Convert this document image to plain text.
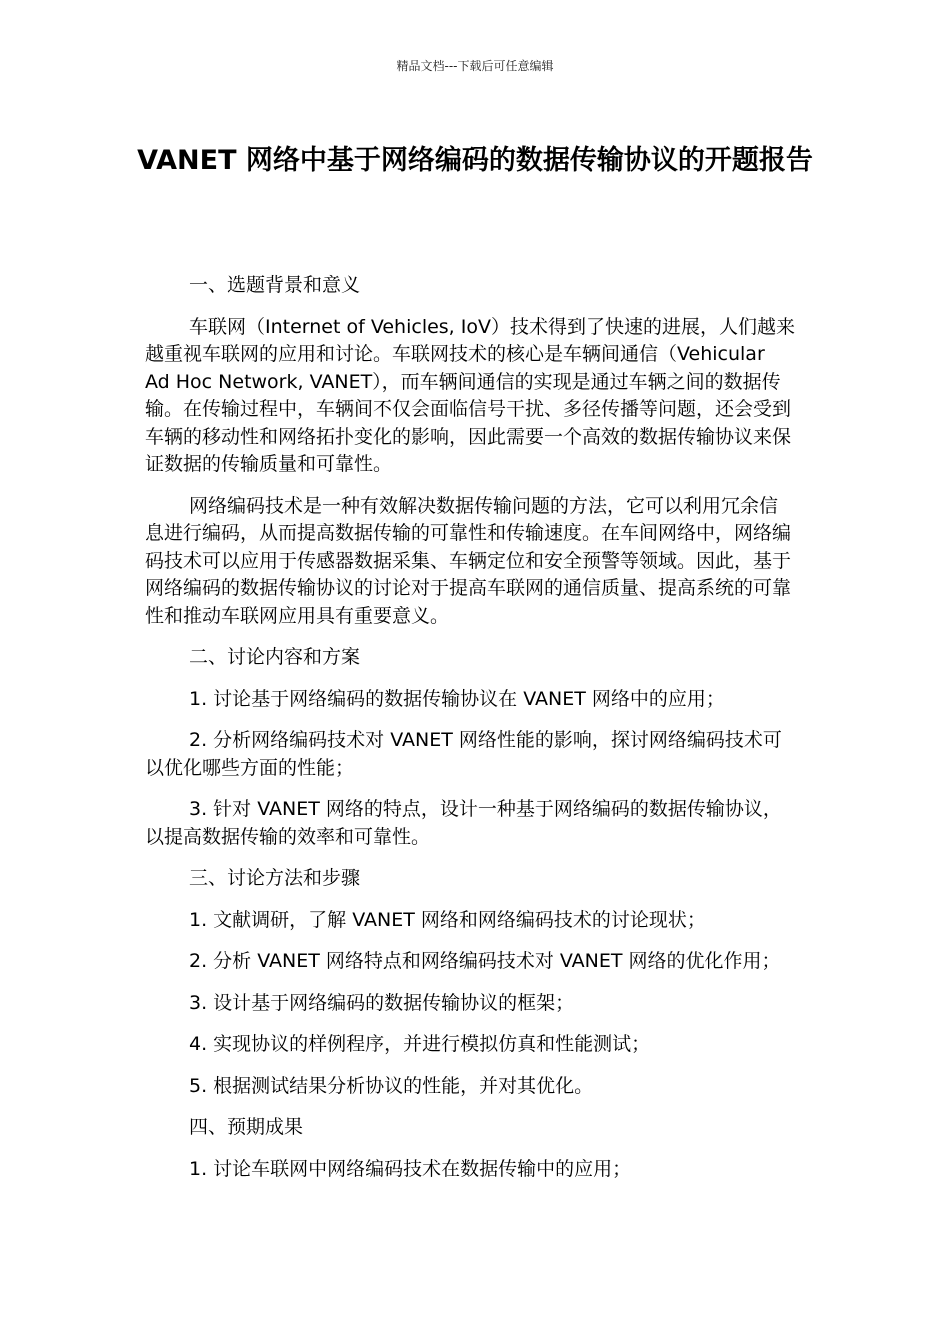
精品文档---下载后可任意编辑
VANET 网络中基于网络编码的数据传输协议的开题报告
一、选题背景和意义

车联网（Internet of Vehicles, IoV）技术得到了快速的进展，人们越来越重视车联网的应用和讨论。车联网技术的核心是车辆间通信（Vehicular Ad Hoc Network, VANET），而车辆间通信的实现是通过车辆之间的数据传输。在传输过程中，车辆间不仅会面临信号干扰、多径传播等问题，还会受到车辆的移动性和网络拓扑变化的影响，因此需要一个高效的数据传输协议来保证数据的传输质量和可靠性。

网络编码技术是一种有效解决数据传输问题的方法，它可以利用冗余信息进行编码，从而提高数据传输的可靠性和传输速度。在车间网络中，网络编码技术可以应用于传感器数据采集、车辆定位和安全预警等领域。因此，基于网络编码的数据传输协议的讨论对于提高车联网的通信质量、提高系统的可靠性和推动车联网应用具有重要意义。

二、讨论内容和方案

1. 讨论基于网络编码的数据传输协议在 VANET 网络中的应用；

2. 分析网络编码技术对 VANET 网络性能的影响，探讨网络编码技术可以优化哪些方面的性能；

3. 针对 VANET 网络的特点，设计一种基于网络编码的数据传输协议，以提高数据传输的效率和可靠性。

三、讨论方法和步骤

1. 文献调研，了解 VANET 网络和网络编码技术的讨论现状；

2. 分析 VANET 网络特点和网络编码技术对 VANET 网络的优化作用；

3. 设计基于网络编码的数据传输协议的框架；

4. 实现协议的样例程序，并进行模拟仿真和性能测试；

5. 根据测试结果分析协议的性能，并对其优化。

四、预期成果

1. 讨论车联网中网络编码技术在数据传输中的应用；
